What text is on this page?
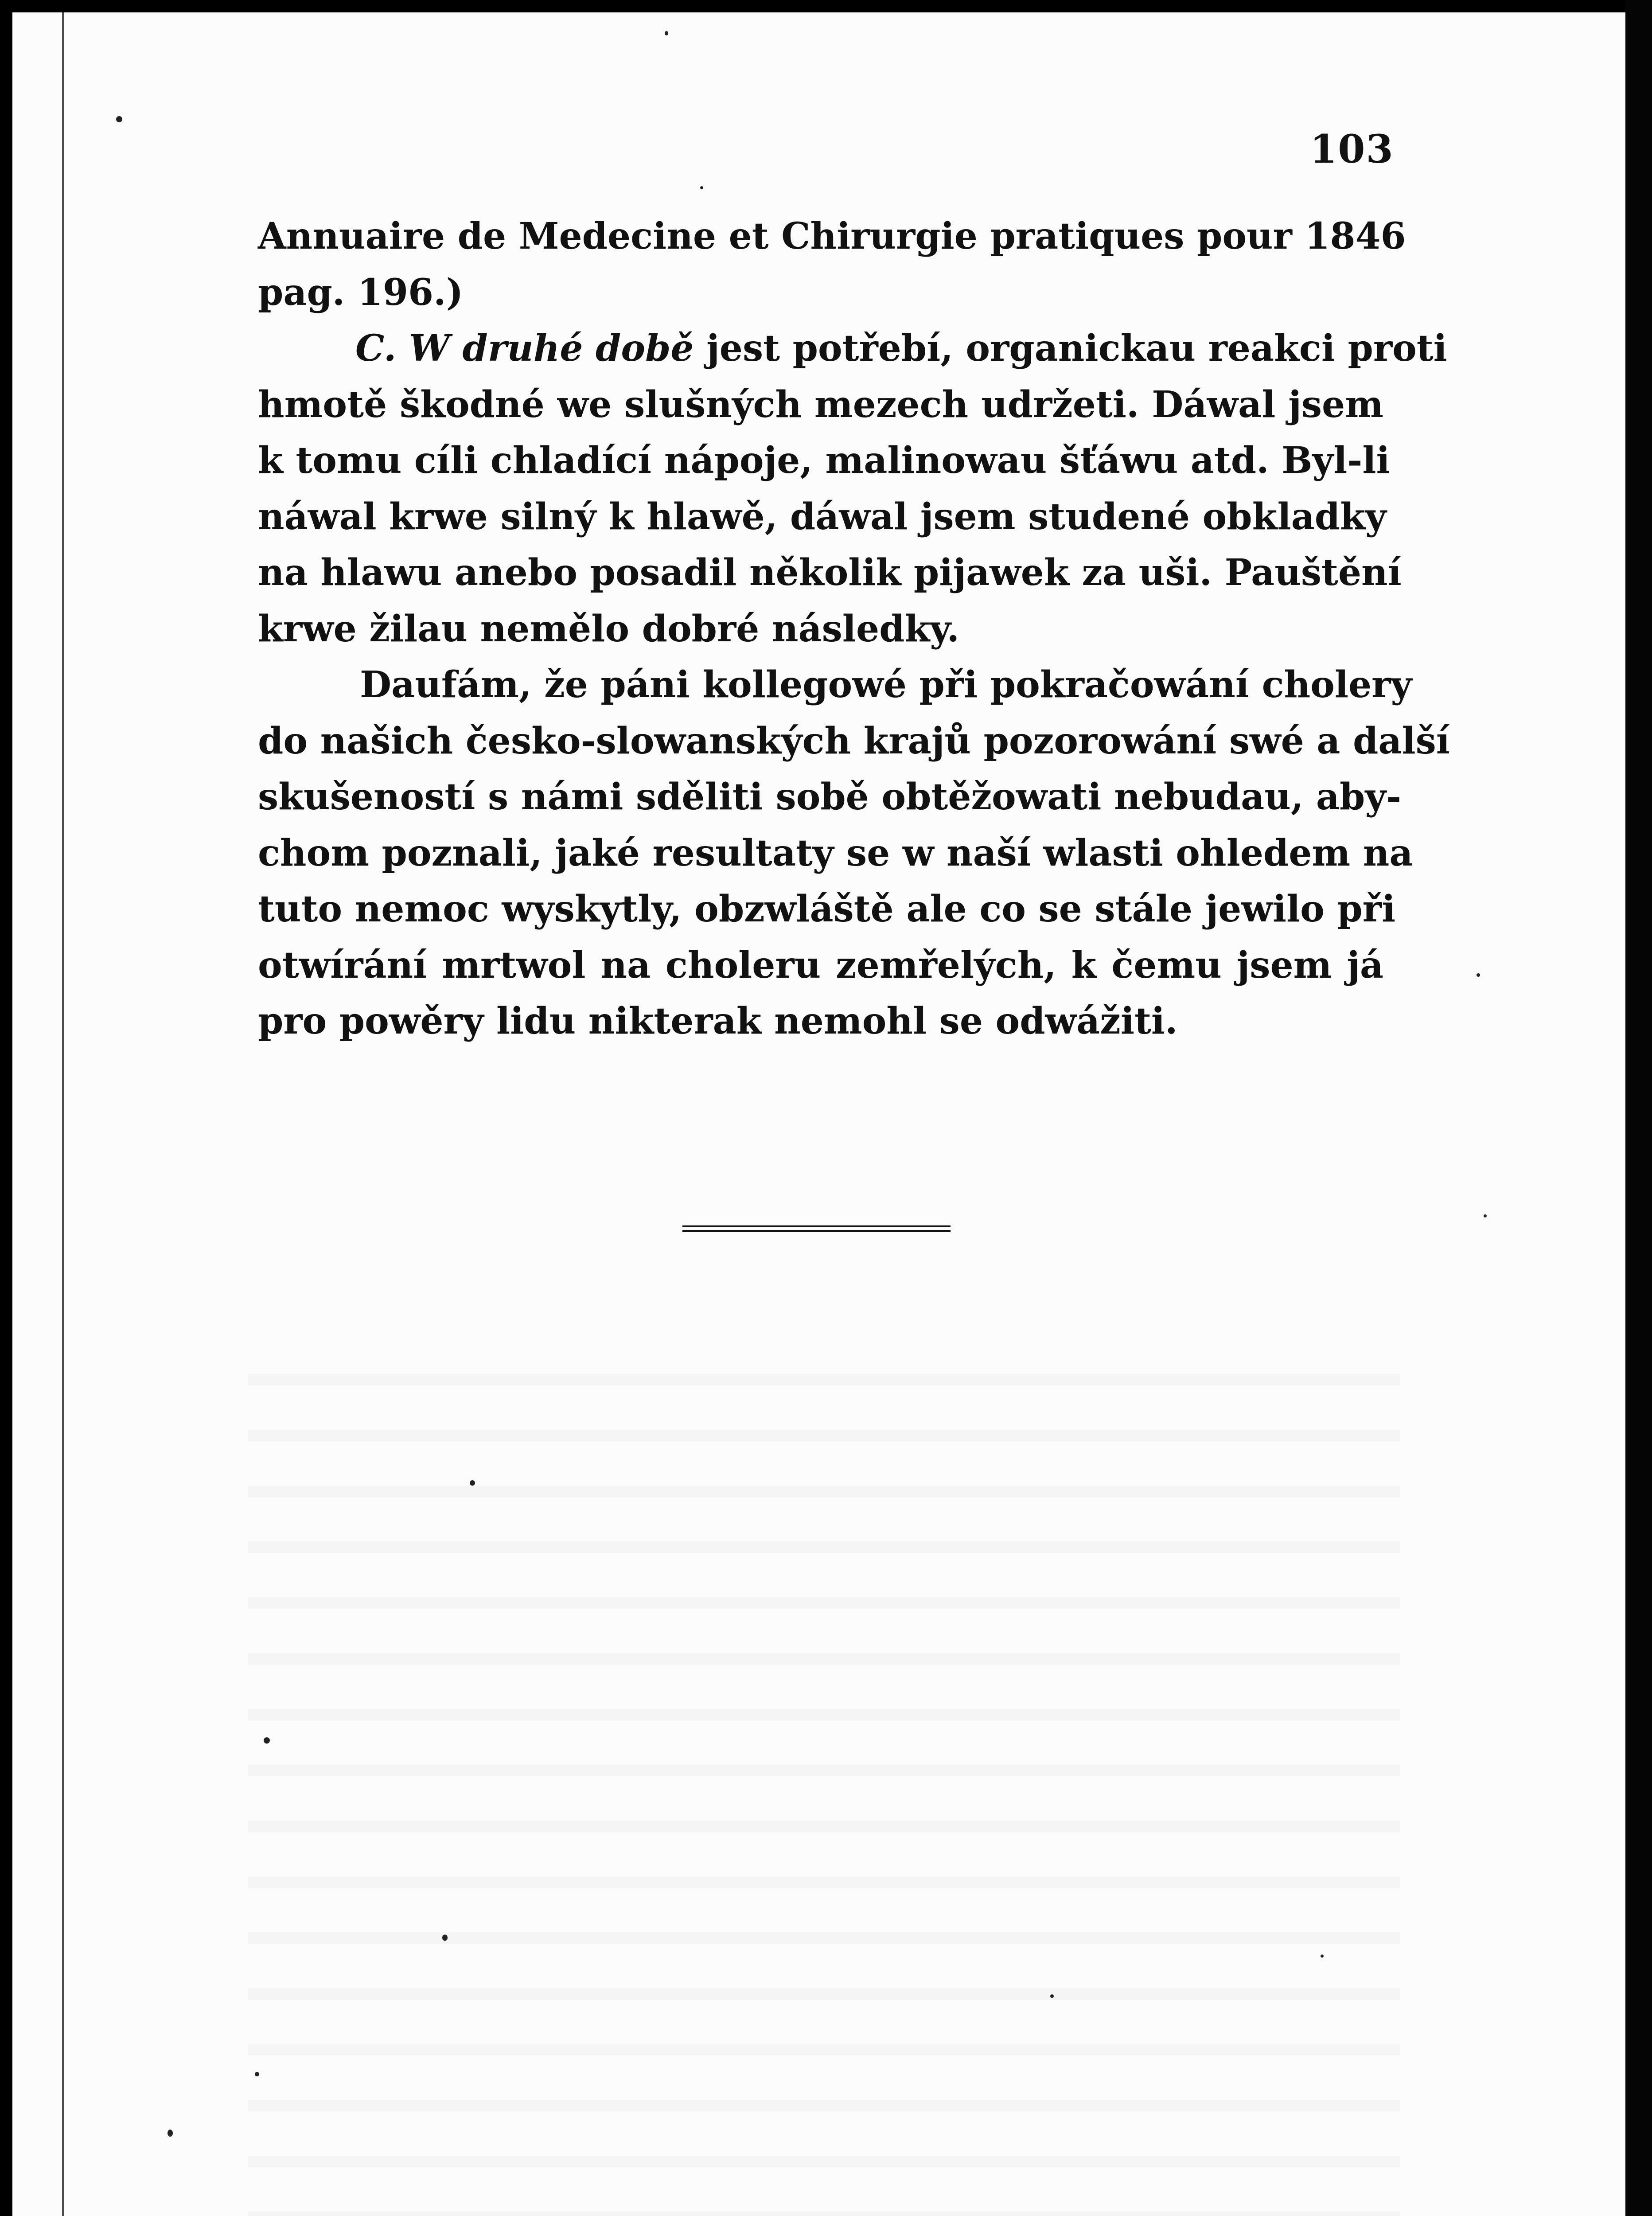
103
Annuaire de Medecine et Chirurgie pratiques pour 1846
pag. 196.)
C. W druhé době jest potřebí, organickau reakci proti
hmotě škodné we slušných mezech udržeti. Dáwal jsem
k tomu cíli chladící nápoje, malinowau šťáwu atd. Byl-li
náwal krwe silný k hlawě, dáwal jsem studené obkladky
na hlawu anebo posadil několik pijawek za uši. Pauštění
krwe žilau nemělo dobré následky.
Daufám, že páni kollegowé při pokračowání cholery
do našich česko-slowanských krajů pozorowání swé a další
skušeností s námi sděliti sobě obtěžowati nebudau, aby-
chom poznali, jaké resultaty se w naší wlasti ohledem na
tuto nemoc wyskytly, obzwláště ale co se stále jewilo při
otwírání mrtwol na choleru zemřelých, k čemu jsem já
pro powěry lidu nikterak nemohl se odwážiti.
